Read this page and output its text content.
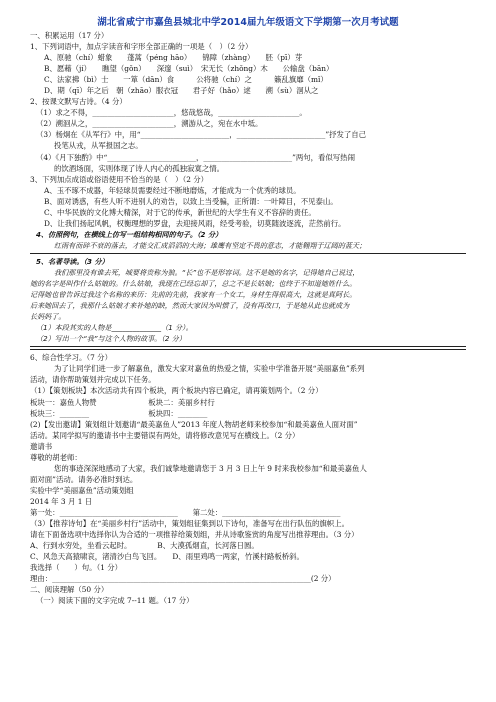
湖北省咸宁市嘉鱼县城北中学2014届九年级语文下学期第一次月考试题
一、积累运用（17 分）
1、下列词语中，加点字读音和字形全部正确的一项是（　）（2 分）
A、原驰（chí）蜡象　　蓬蒿（péng hāo）　　锦障（zhàng）　　胚（pī）芽
B、愿藉（jí）　　瞧望（gǒn）　　深邃（suì）　宋无长（zhǒng）木　　公输盘（bān）
C、法家拂（bì）士　　一箪（dān）食　　　公将驰（chí）之　　　籁乱旗靡（mǐ）
D、期（qī）年之后　朝（zhāo）服衣冠　　君子好（hǎo）逑　　溯（sù）洄从之
2、按课文默写古诗。（4 分）
（1）求之不得，______________________，悠哉悠哉，______________________。
（2）溯洄从之，______________________，溯游从之，宛在水中坻。
（3）杨炯在《从军行》中，用“________________________，________________________”抒发了自己
投笔从戎，从军报国之志。
（4）《月下独酌》中“________________________，________________________”两句，看似写热闹
的饮酒场面，实则体现了诗人内心的孤独寂寞之情。
3、下列加点成语或俗语使用不恰当的是（　）（2 分）
A、玉不琢不成器，年轻球员需要经过不断地磨炼，才能成为一个优秀的球员。
B、面对诱惑，有些人听不进别人的劝告，以致上当受骗，正所谓：一叶障目，不见泰山。
C、中华民族的文化博大精深，对于它的传承，新世纪的大学生有义不容辞的责任。
D、让我们扬起风帆，权衡理想的罗盘，去迎接风雨，经受考验，切莫随波逐流，茫然前行。
4、仿照例句，在横线上仿写一组结构相同的句子。（2 分）
红雨有而碎不衰的落去，才能交汇成滔滔的大海；雄鹰有坚定不畏的意志，才能翱翔于辽阔的蓝天；
5、名著导读。（3 分）
我们那里没有谁去死，城要将贵称为狼。“长”也不是形容词。这不是她的名字，记得她自己说过，
她的名字是叫作什么姑娘的。什么姑娘，我现在已经忘却了，总之不是长姑娘；也终于不知道她姓什么。
记得她也曾告诉过我这个名称的来历：先前的先前，我家有一个女工，身材生得很高大，这就是真阿长。
后来她回去了，我那什么姑娘才来补她的缺，然而大家因为叫惯了，没有再改口，于是她从此也就成为
长妈妈了。
（1）本段其实的人物是______________（1 分）。
（2）写出一个“我”与这个人物的故事。（2 分）
6、综合性学习。（7 分）
为了让同学们进一步了解嘉鱼，激发大家对嘉鱼的热爱之情，实验中学准备开展“美丽嘉鱼”系列
活动，请你帮助策划并完成以下任务。
（1）【策划板块】本次活动共有四个板块，两个板块内容已确定，请再策划两个。（2 分）
板块一：嘉鱼人物赞　　　　　　　板块二：美丽乡村行
板块三：________　　　　　　　　板块四：________
(2)【发出邀请】策划组计划邀请“最美嘉鱼人”2013 年度人物胡老师来校参加“和最美嘉鱼人面对面”
活动。某同学拟写的邀请书中主要错误有两处，请将修改意见写在横线上。（2 分）
邀请书
尊敬的胡老师：
您的事迹深深地感动了大家，我们诚挚地邀请您于 3 月 3 日上午 9 时来我校参加“和最美嘉鱼人
面对面”活动。请务必准时到达。
实验中学“美丽嘉鱼”活动策划组
2014 年 3 月 1 日
第一处：________________________________　　第二处：________________________________
（3）【推荐诗句】在“美丽乡村行”活动中，策划组征集到以下诗句，准备写在出行队伍的旗帜上。
请在下面备选项中选择你认为合适的一项推荐给策划组，并从诗歌鉴赏的角度写出推荐理由。（3 分）
A、行到水穷处，坐看云起时。　　　　B、大漠孤烟直，长河落日圆。
C、风急天高猿啸哀，渚清沙白鸟飞回。　　D、雨里鸡鸣一两家，竹溪村路板桥斜。
我选择（　　）句。（1 分）
理由：______________________________________________________________________(2 分）
二、阅读理解（50 分）
（一）阅读下面的文字完成 7--11 题。（17 分）
